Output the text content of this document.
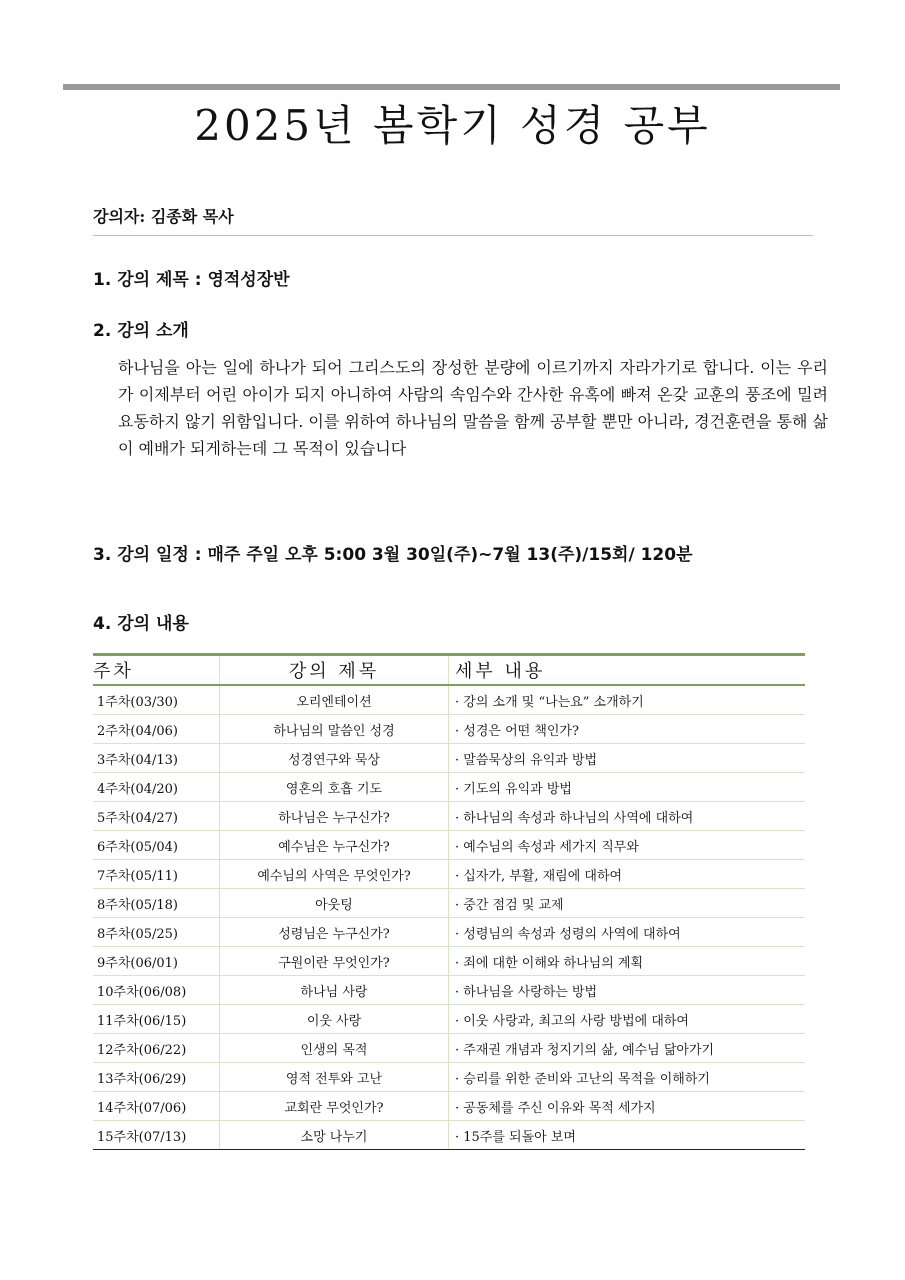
2025년 봄학기 성경 공부
강의자: 김종화 목사
1. 강의 제목 : 영적성장반
2. 강의 소개
하나님을 아는 일에 하나가 되어 그리스도의 장성한 분량에 이르기까지 자라가기로 합니다. 이는 우리가 이제부터 어린 아이가 되지 아니하여 사람의 속임수와 간사한 유혹에 빠져 온갖 교훈의 풍조에 밀려 요동하지 않기 위함입니다. 이를 위하여 하나님의 말씀을 함께 공부할 뿐만 아니라, 경건훈련을 통해 삶이 예배가 되게하는데 그 목적이 있습니다
3. 강의 일정 : 매주 주일 오후 5:00 3월 30일(주)~7월 13(주)/15회/ 120분
4. 강의 내용
주차	강의 제목	세부 내용
1주차(03/30)	오리엔테이션	· 강의 소개 및 “나는요” 소개하기
2주차(04/06)	하나님의 말씀인 성경	· 성경은 어떤 책인가?
3주차(04/13)	성경연구와 묵상	· 말씀묵상의 유익과 방법
4주차(04/20)	영혼의 호흡 기도	· 기도의 유익과 방법
5주차(04/27)	하나님은 누구신가?	· 하나님의 속성과 하나님의 사역에 대하여
6주차(05/04)	예수님은 누구신가?	· 예수님의 속성과 세가지 직무와
7주차(05/11)	예수님의 사역은 무엇인가?	· 십자가, 부활, 재림에 대하여
8주차(05/18)	아웃팅	· 중간 점검 및 교제
8주차(05/25)	성령님은 누구신가?	· 성령님의 속성과 성령의 사역에 대하여
9주차(06/01)	구원이란 무엇인가?	· 죄에 대한 이해와 하나님의 계획
10주차(06/08)	하나님 사랑	· 하나님을 사랑하는 방법
11주차(06/15)	이웃 사랑	· 이웃 사랑과, 최고의 사랑 방법에 대하여
12주차(06/22)	인생의 목적	· 주재권 개념과 청지기의 삶, 예수님 닮아가기
13주차(06/29)	영적 전투와 고난	· 승리를 위한 준비와 고난의 목적을 이해하기
14주차(07/06)	교회란 무엇인가?	· 공동체를 주신 이유와 목적 세가지
15주차(07/13)	소망 나누기	· 15주를 되돌아 보며
